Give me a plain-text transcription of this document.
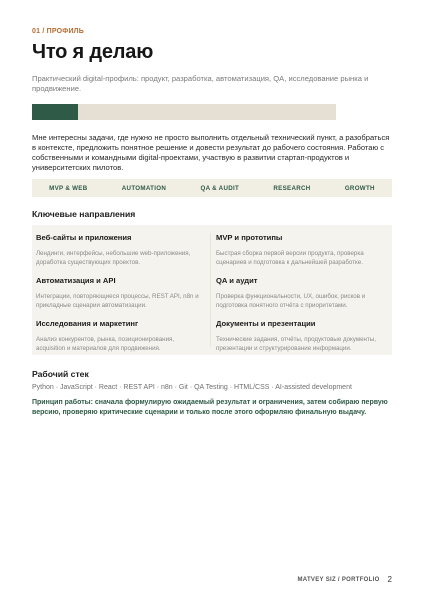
01 / ПРОФИЛЬ
Что я делаю

Практический digital-профиль: продукт, разработка, автоматизация, QA, исследование рынка и продвижение.

Мне интересны задачи, где нужно не просто выполнить отдельный технический пункт, а разобраться в контексте, предложить понятное решение и довести результат до рабочего состояния. Работаю с собственными и командными digital-проектами, участвую в развитии стартап-продуктов и университетских пилотов.

MVP & WEB	AUTOMATION	QA & AUDIT	RESEARCH	GROWTH
Ключевые направления
Веб-сайты и приложения
Лендинги, интерфейсы, небольшие web-приложения, доработка существующих проектов.
MVP и прототипы
Быстрая сборка первой версии продукта, проверка сценариев и подготовка к дальнейшей разработке.
Автоматизация и API
Интеграции, повторяющиеся процессы, REST API, n8n и прикладные сценарии автоматизации.
QA и аудит
Проверка функциональности, UX, ошибок, рисков и подготовка понятного отчёта с приоритетами.
Исследования и маркетинг
Анализ конкурентов, рынка, позиционирования, acquisition и материалов для продвижения.
Документы и презентации
Технические задания, отчёты, продуктовые документы, презентации и структурирование информации.
Рабочий стек

Python · JavaScript · React · REST API · n8n · Git · QA Testing · HTML/CSS · AI-assisted development

Принцип работы: сначала формулирую ожидаемый результат и ограничения, затем собираю первую версию, проверяю критические сценарии и только после этого оформляю финальную выдачу.

MATVEY SIZ / PORTFOLIO 2
